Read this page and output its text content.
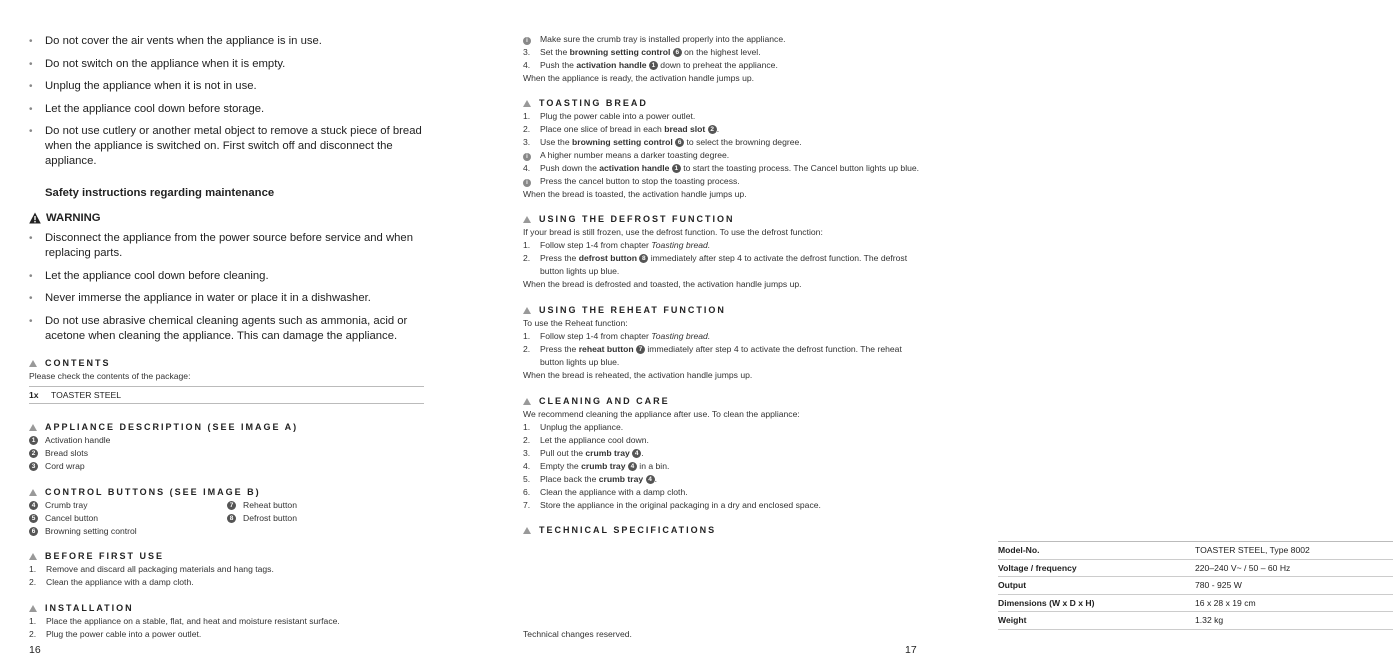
• Do not cover the air vents when the appliance is in use.
• Do not switch on the appliance when it is empty.
• Unplug the appliance when it is not in use.
• Let the appliance cool down before storage.
• Do not use cutlery or another metal object to remove a stuck piece of bread when the appliance is switched on. First switch off and disconnect the appliance.
Safety instructions regarding maintenance
WARNING
• Disconnect the appliance from the power source before service and when replacing parts.
• Let the appliance cool down before cleaning.
• Never immerse the appliance in water or place it in a dishwasher.
• Do not use abrasive chemical cleaning agents such as ammonia, acid or acetone when cleaning the appliance. This can damage the appliance.
CONTENTS
Please check the contents of the package:
1x TOASTER STEEL
APPLIANCE DESCRIPTION (SEE IMAGE A)
1	Activation handle
2	Bread slots
3	Cord wrap
CONTROL BUTTONS (SEE IMAGE B)
4	Crumb tray
5	Cancel button
6	Browning setting control
7	Reheat button
8	Defrost button
BEFORE FIRST USE
1. Remove and discard all packaging materials and hang tags.
2. Clean the appliance with a damp cloth.
INSTALLATION
1. Place the appliance on a stable, flat, and heat and moisture resistant surface.
2. Plug the power cable into a power outlet.
16
i	Make sure the crumb tray is installed properly into the appliance.
3. Set the browning setting control 6 on the highest level.
4. Push the activation handle 1 down to preheat the appliance.
When the appliance is ready, the activation handle jumps up.
TOASTING BREAD
1. Plug the power cable into a power outlet.
2. Place one slice of bread in each bread slot 2 .
3. Use the browning setting control 6 to select the browning degree.
i	A higher number means a darker toasting degree.
4. Push down the activation handle 1 to start the toasting process. The Cancel button lights up blue.
i	Press the cancel button to stop the toasting process.
When the bread is toasted, the activation handle jumps up.
USING THE DEFROST FUNCTION
If your bread is still frozen, use the defrost function. To use the defrost function:
1. Follow step 1-4 from chapter Toasting bread.
2. Press the defrost button 8 immediately after step 4 to activate the defrost function. The defrost
button lights up blue.
When the bread is defrosted and toasted, the activation handle jumps up.
USING THE REHEAT FUNCTION
To use the Reheat function:
1. Follow step 1-4 from chapter Toasting bread.
2. Press the reheat button 7 immediately after step 4 to activate the defrost function. The reheat
button lights up blue.
When the bread is reheated, the activation handle jumps up.
CLEANING AND CARE
We recommend cleaning the appliance after use. To clean the appliance:
1. Unplug the appliance.
2. Let the appliance cool down.
3. Pull out the crumb tray 4 .
4. Empty the crumb tray 4 in a bin.
5. Place back the crumb tray 4 .
6. Clean the appliance with a damp cloth.
7. Store the appliance in the original packaging in a dry and enclosed space.
TECHNICAL SPECIFICATIONS
Model-No.	TOASTER STEEL, Type 8002
Voltage / frequency	220–240 V~ / 50 – 60 Hz
Output	780 - 925 W
Dimensions (W x D x H)	16 x 28 x 19 cm
Weight	1.32 kg
Technical changes reserved.
17
